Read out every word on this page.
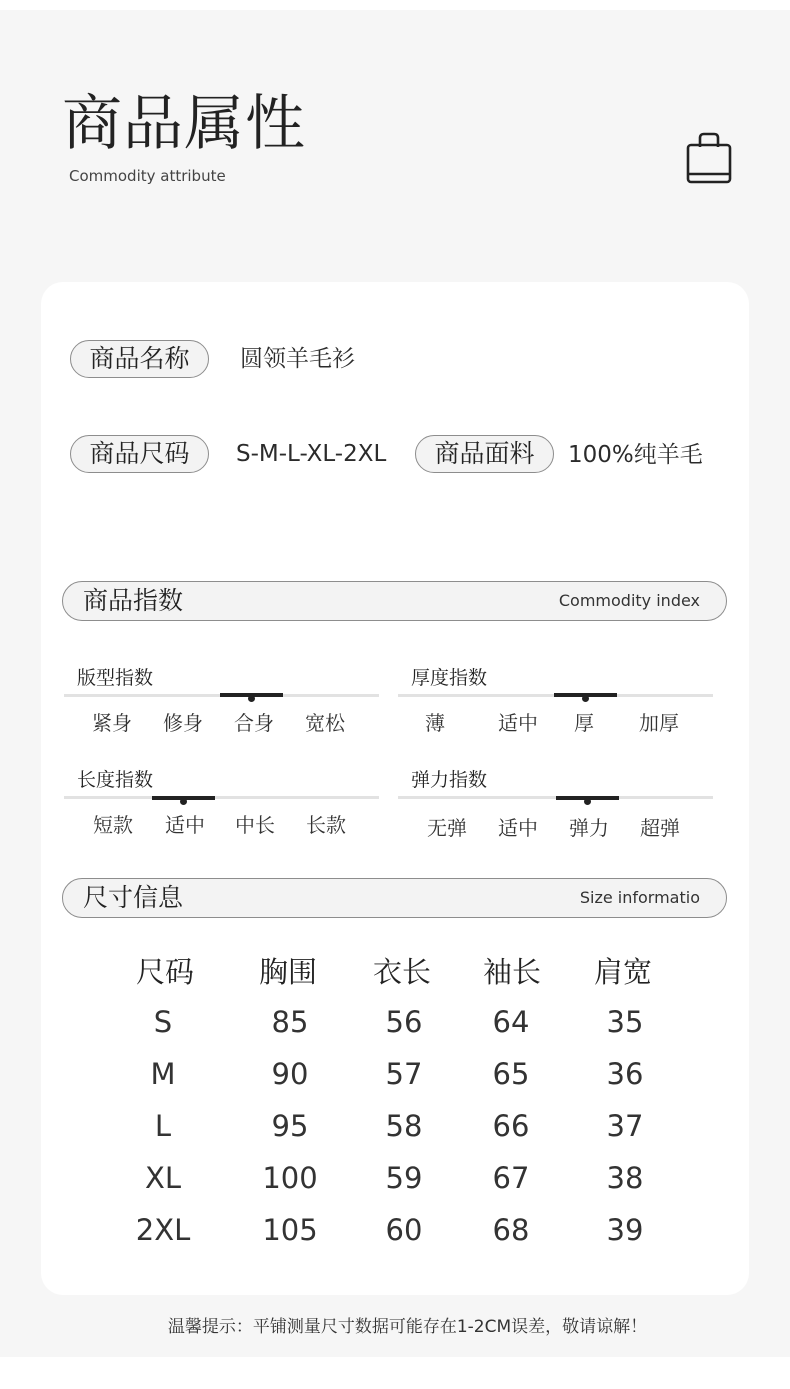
商品属性
Commodity attribute
商品名称	圆领羊毛衫
商品尺码	S-M-L-XL-2XL	商品面料	100%纯羊毛
商品指数	Commodity index
版型指数
紧身	修身	合身	宽松
厚度指数
薄	适中	厚	加厚
长度指数
短款	适中	中长	长款
弹力指数
无弹	适中	弹力	超弹
尺寸信息	Size informatio
尺码	胸围	衣长	袖长	肩宽
S	85	56	64	35
M	90	57	65	36
L	95	58	66	37
XL	100	59	67	38
2XL	105	60	68	39
温馨提示：平铺测量尺寸数据可能存在1-2CM误差，敬请谅解！
